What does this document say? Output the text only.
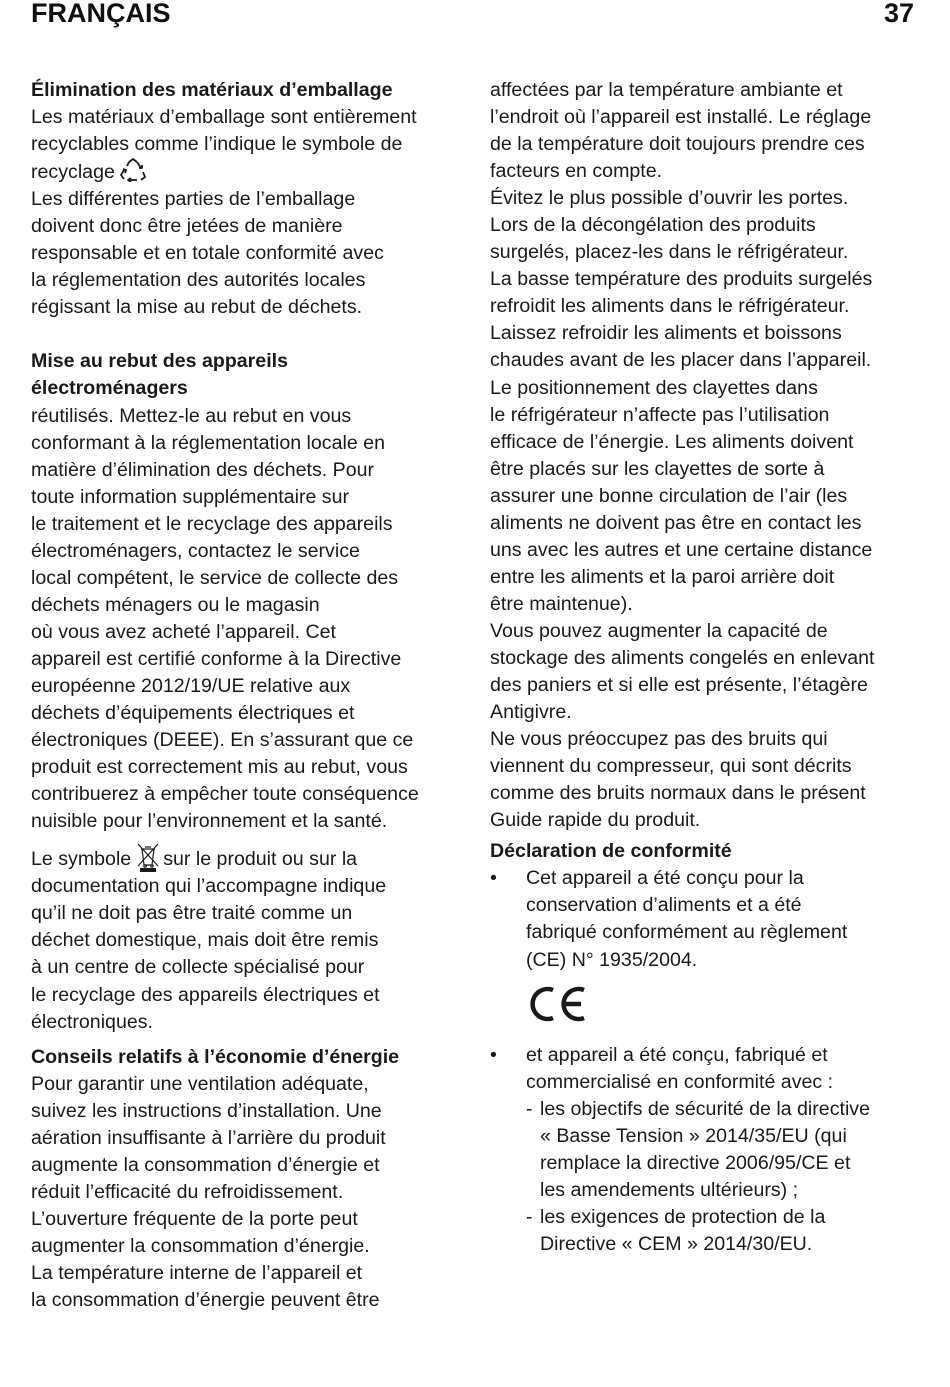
FRANÇAIS	37
Élimination des matériaux d’emballage
Les matériaux d’emballage sont entièrement
recyclables comme l’indique le symbole de
recyclage
Les différentes parties de l’emballage
doivent donc être jetées de manière
responsable et en totale conformité avec
la réglementation des autorités locales
régissant la mise au rebut de déchets.
Mise au rebut des appareils
électroménagers
réutilisés. Mettez-le au rebut en vous
conformant à la réglementation locale en
matière d’élimination des déchets. Pour
toute information supplémentaire sur
le traitement et le recyclage des appareils
électroménagers, contactez le service
local compétent, le service de collecte des
déchets ménagers ou le magasin
où vous avez acheté l’appareil. Cet
appareil est certifié conforme à la Directive
européenne 2012/19/UE relative aux
déchets d’équipements électriques et
électroniques (DEEE). En s’assurant que ce
produit est correctement mis au rebut, vous
contribuerez à empêcher toute conséquence
nuisible pour l’environnement et la santé.
Le symbole sur le produit ou sur la
documentation qui l’accompagne indique
qu’il ne doit pas être traité comme un
déchet domestique, mais doit être remis
à un centre de collecte spécialisé pour
le recyclage des appareils électriques et
électroniques.
Conseils relatifs à l’économie d’énergie
Pour garantir une ventilation adéquate,
suivez les instructions d’installation. Une
aération insuffisante à l’arrière du produit
augmente la consommation d’énergie et
réduit l’efficacité du refroidissement.
L’ouverture fréquente de la porte peut
augmenter la consommation d’énergie.
La température interne de l’appareil et
la consommation d’énergie peuvent être
affectées par la température ambiante et
l’endroit où l’appareil est installé. Le réglage
de la température doit toujours prendre ces
facteurs en compte.
Évitez le plus possible d’ouvrir les portes.
Lors de la décongélation des produits
surgelés, placez-les dans le réfrigérateur.
La basse température des produits surgelés
refroidit les aliments dans le réfrigérateur.
Laissez refroidir les aliments et boissons
chaudes avant de les placer dans l’appareil.
Le positionnement des clayettes dans
le réfrigérateur n’affecte pas l’utilisation
efficace de l’énergie. Les aliments doivent
être placés sur les clayettes de sorte à
assurer une bonne circulation de l’air (les
aliments ne doivent pas être en contact les
uns avec les autres et une certaine distance
entre les aliments et la paroi arrière doit
être maintenue).
Vous pouvez augmenter la capacité de
stockage des aliments congelés en enlevant
des paniers et si elle est présente, l’étagère
Antigivre.
Ne vous préoccupez pas des bruits qui
viennent du compresseur, qui sont décrits
comme des bruits normaux dans le présent
Guide rapide du produit.
Déclaration de conformité
• Cet appareil a été conçu pour la
conservation d’aliments et a été
fabriqué conformément au règlement
(CE) N° 1935/2004.
• et appareil a été conçu, fabriqué et
commercialisé en conformité avec :
- les objectifs de sécurité de la directive
« Basse Tension » 2014/35/EU (qui
remplace la directive 2006/95/CE et
les amendements ultérieurs) ;
- les exigences de protection de la
Directive « CEM » 2014/30/EU.
